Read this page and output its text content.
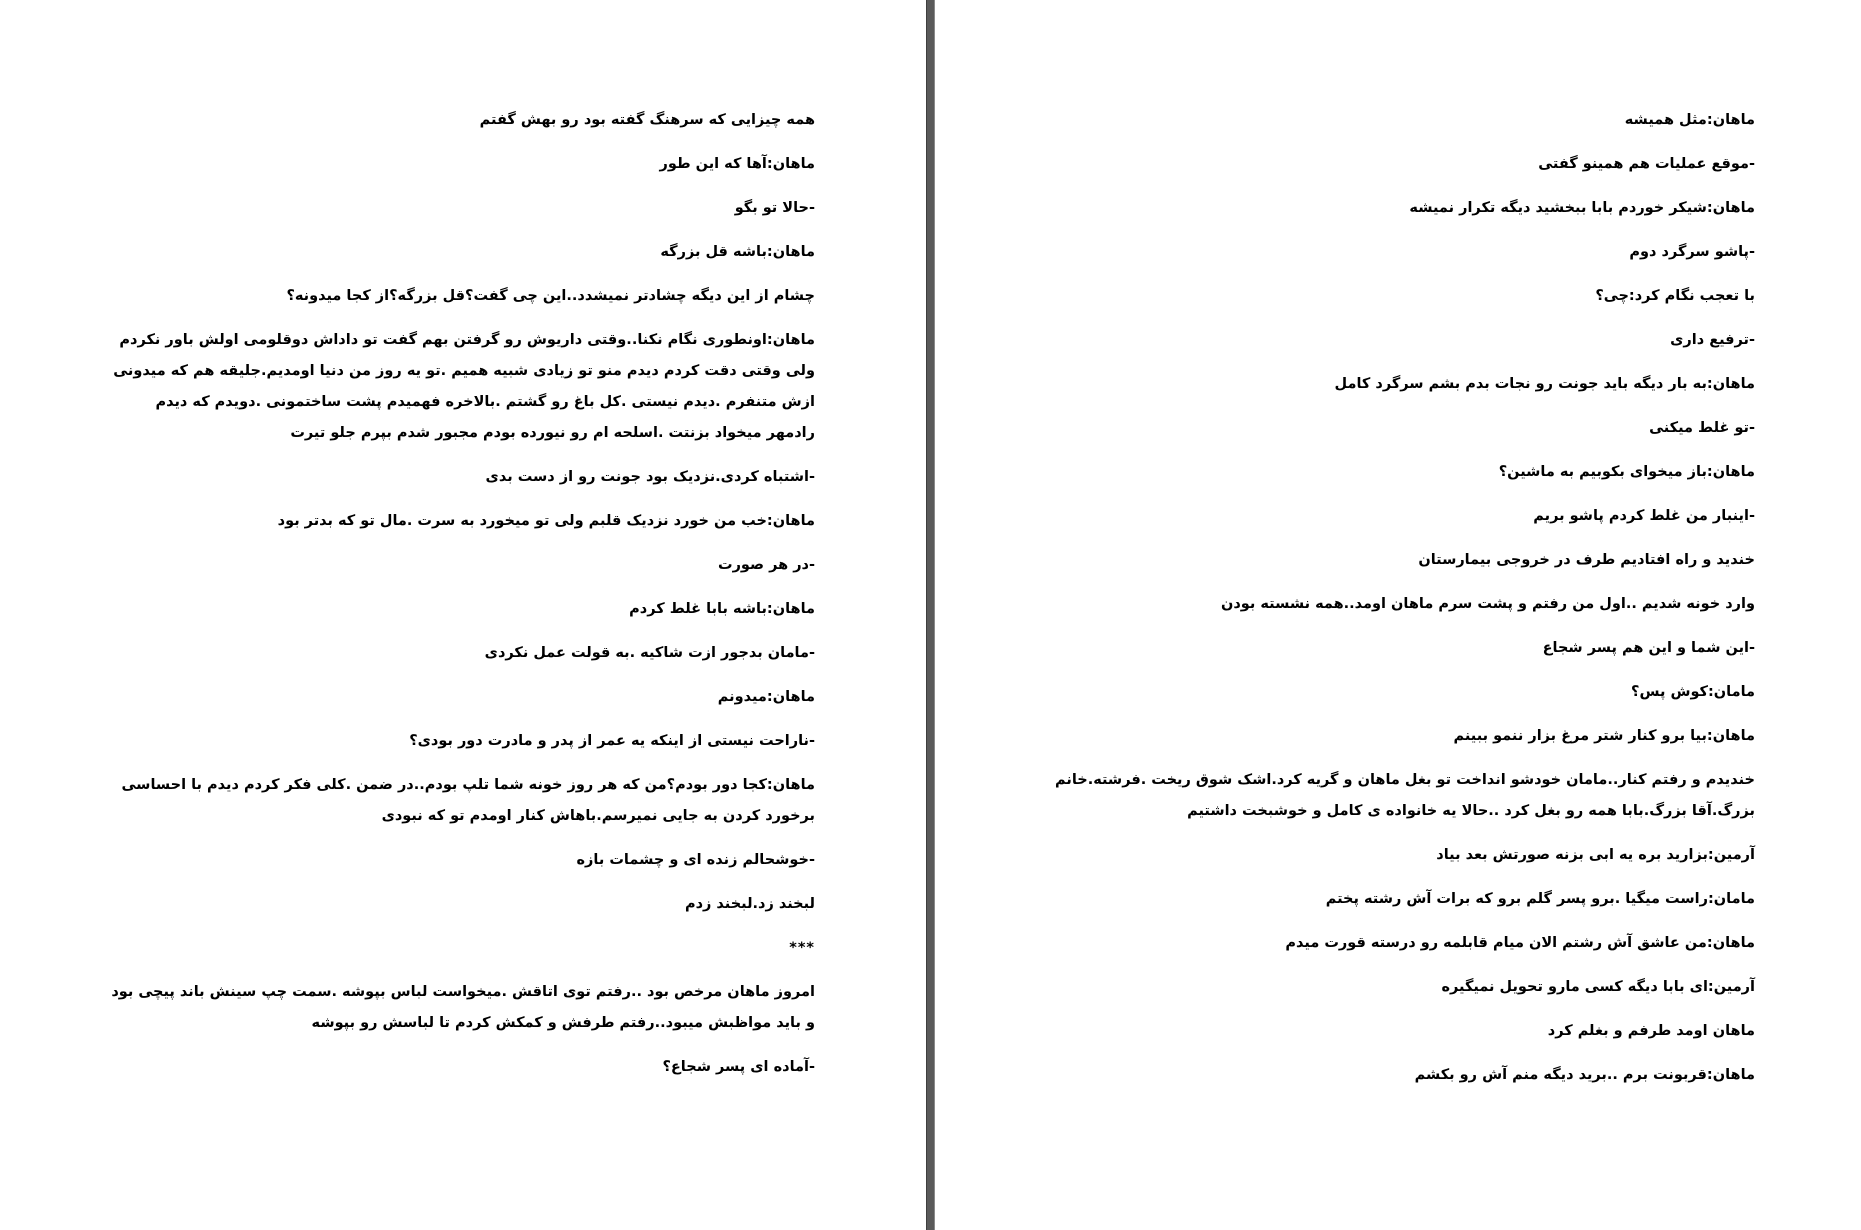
همه چیزایی که سرهنگ گفته بود رو بهش گفتم

ماهان:آها که این طور

-حالا تو بگو

ماهان:باشه قل بزرگه

چشام از این دیگه چشادتر نمیشدد..این چی گفت؟قل بزرگه؟از کجا میدونه؟

ماهان:اونطوری نگام نکنا..وقتی داریوش رو گرفتن بهم گفت تو داداش دوقلومی اولش باور نکردم ولی وقتی دقت کردم دیدم منو تو زیادی شبیه همیم .تو یه روز من دنیا اومدیم.جلیقه هم که میدونی ازش متنفرم .دیدم نیستی .کل باغ رو گشتم .بالاخره فهمیدم پشت ساختمونی .دویدم که دیدم رادمهر میخواد بزنتت .اسلحه ام رو نیورده بودم مجبور شدم بپرم جلو تیرت

-اشتباه کردی.نزدیک بود جونت رو از دست بدی

ماهان:خب من خورد نزدیک قلبم ولی تو میخورد به سرت .مال تو که بدتر بود

-در هر صورت

ماهان:باشه بابا غلط کردم

-مامان بدجور ازت شاکیه .به قولت عمل نکردی

ماهان:میدونم

-ناراحت نیستی از اینکه یه عمر از پدر و مادرت دور بودی؟

ماهان:کجا دور بودم؟من که هر روز خونه شما تلپ بودم..در ضمن .کلی فکر کردم دیدم با احساسی برخورد کردن به جایی نمیرسم.باهاش کنار اومدم تو که نبودی

-خوشحالم زنده ای و چشمات بازه

لبخند زد.لبخند زدم

***

امروز ماهان مرخص بود ..رفتم توی اتاقش .میخواست لباس بپوشه .سمت چپ سینش باند پیچی بود و باید مواظبش میبود..رفتم طرفش و کمکش کردم تا لباسش رو بپوشه

-آماده ای پسر شجاع؟

ماهان:مثل همیشه

-موقع عملیات هم همینو گفتی

ماهان:شیکر خوردم بابا ببخشید دیگه تکرار نمیشه

-پاشو سرگرد دوم

با تعجب نگام کرد:چی؟

-ترفیع داری

ماهان:به بار دیگه باید جونت رو نجات بدم بشم سرگرد کامل

-تو غلط میکنی

ماهان:باز میخوای بکوبیم به ماشین؟

-اینبار من غلط کردم پاشو بریم

خندید و راه افتادیم طرف در خروجی بیمارستان

وارد خونه شدیم ..اول من رفتم و پشت سرم ماهان اومد..همه نشسته بودن

-این شما و این هم پسر شجاع

مامان:کوش پس؟

ماهان:بیا برو کنار شتر مرغ بزار ننمو ببینم

خندیدم و رفتم کنار..مامان خودشو انداخت تو بغل ماهان و گریه کرد.اشک شوق ریخت .فرشته.خانم بزرگ.آقا بزرگ.بابا همه رو بغل کرد ..حالا یه خانواده ی کامل و خوشبخت داشتیم

آرمین:بزارید بره یه ابی بزنه صورتش بعد بیاد

مامان:راست میگیا .برو پسر گلم برو که برات آش رشته پختم

ماهان:من عاشق آش رشتم الان میام قابلمه رو درسته قورت میدم

آرمین:ای بابا دیگه کسی مارو تحویل نمیگیره

ماهان اومد طرفم و بغلم کرد

ماهان:قربونت برم ..برید دیگه منم آش رو بکشم
